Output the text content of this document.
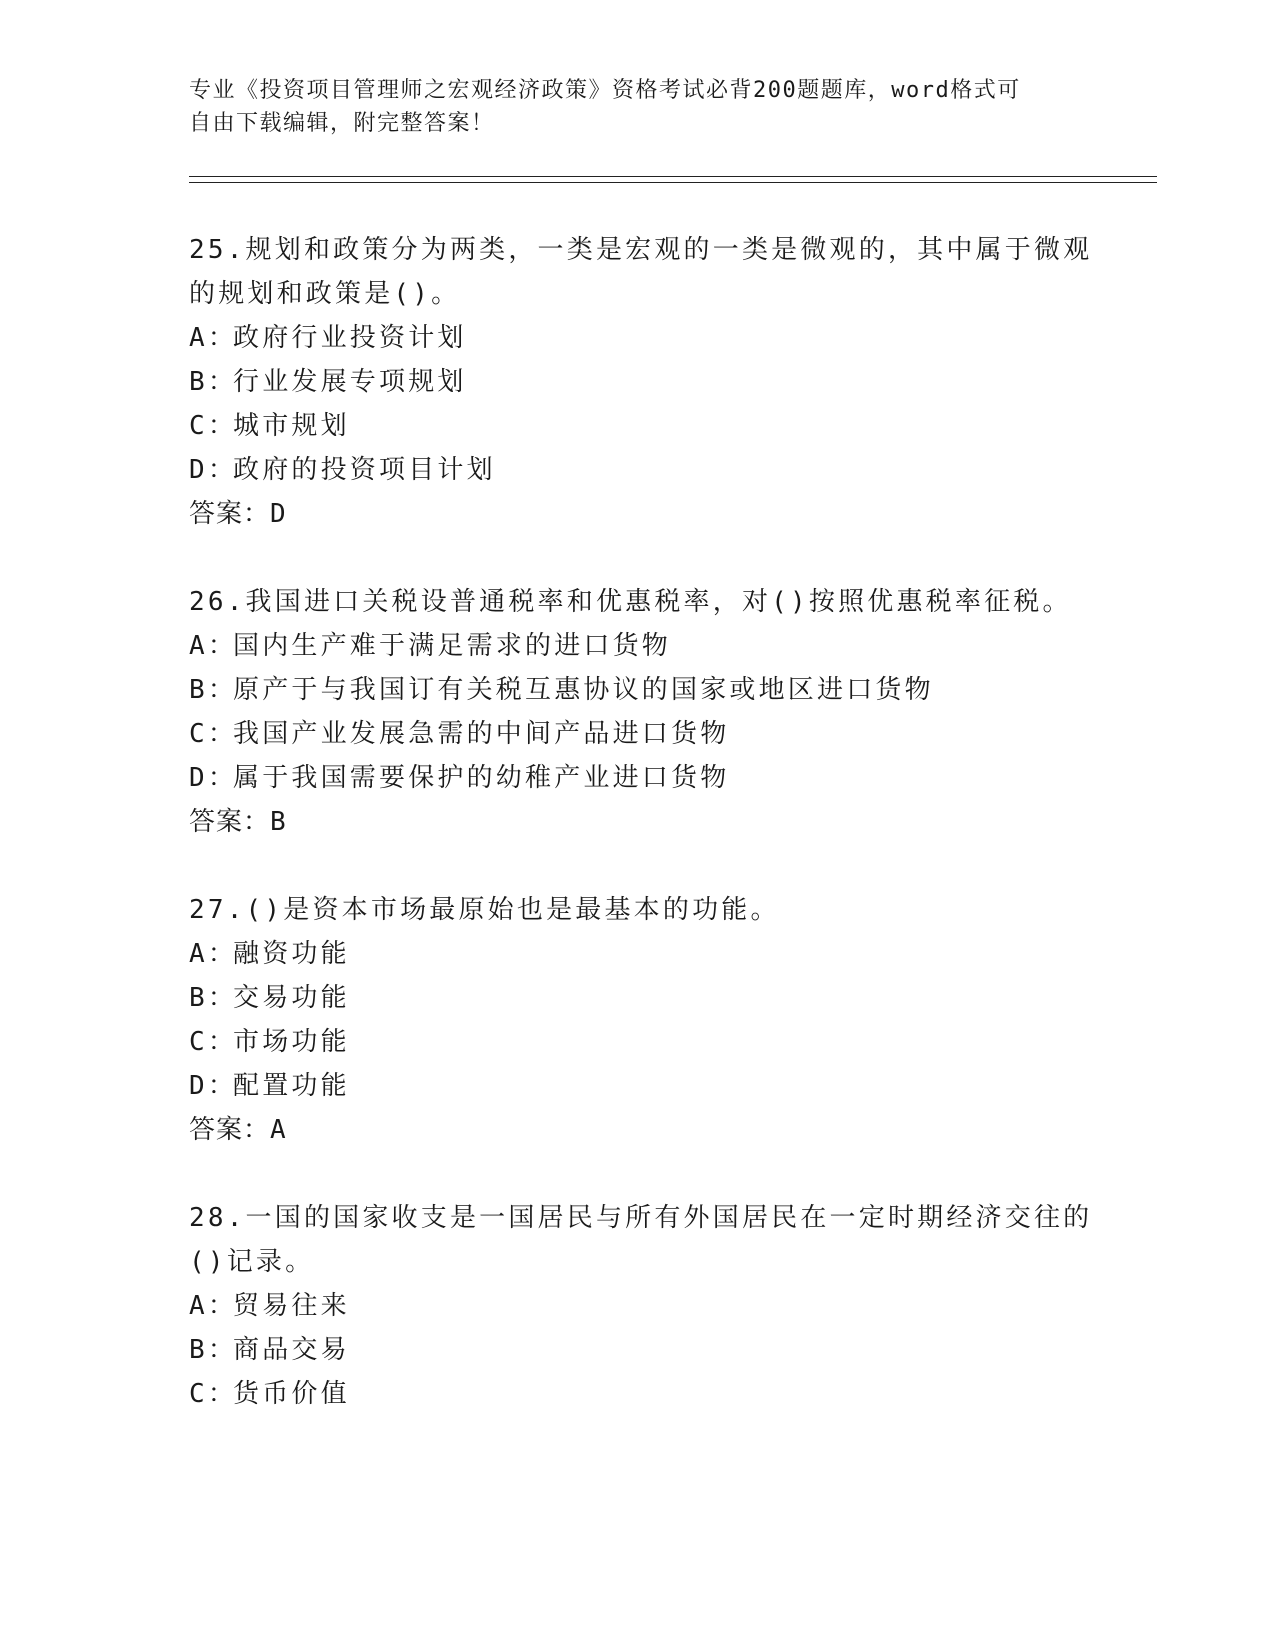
专业《投资项目管理师之宏观经济政策》资格考试必背200题题库，word格式可
自由下载编辑，附完整答案！
25.规划和政策分为两类，一类是宏观的一类是微观的，其中属于微观
的规划和政策是()。
A：政府行业投资计划
B：行业发展专项规划
C：城市规划
D：政府的投资项目计划
答案：D
26.我国进口关税设普通税率和优惠税率，对()按照优惠税率征税。
A：国内生产难于满足需求的进口货物
B：原产于与我国订有关税互惠协议的国家或地区进口货物
C：我国产业发展急需的中间产品进口货物
D：属于我国需要保护的幼稚产业进口货物
答案：B
27.()是资本市场最原始也是最基本的功能。
A：融资功能
B：交易功能
C：市场功能
D：配置功能
答案：A
28.一国的国家收支是一国居民与所有外国居民在一定时期经济交往的
()记录。
A：贸易往来
B：商品交易
C：货币价值
